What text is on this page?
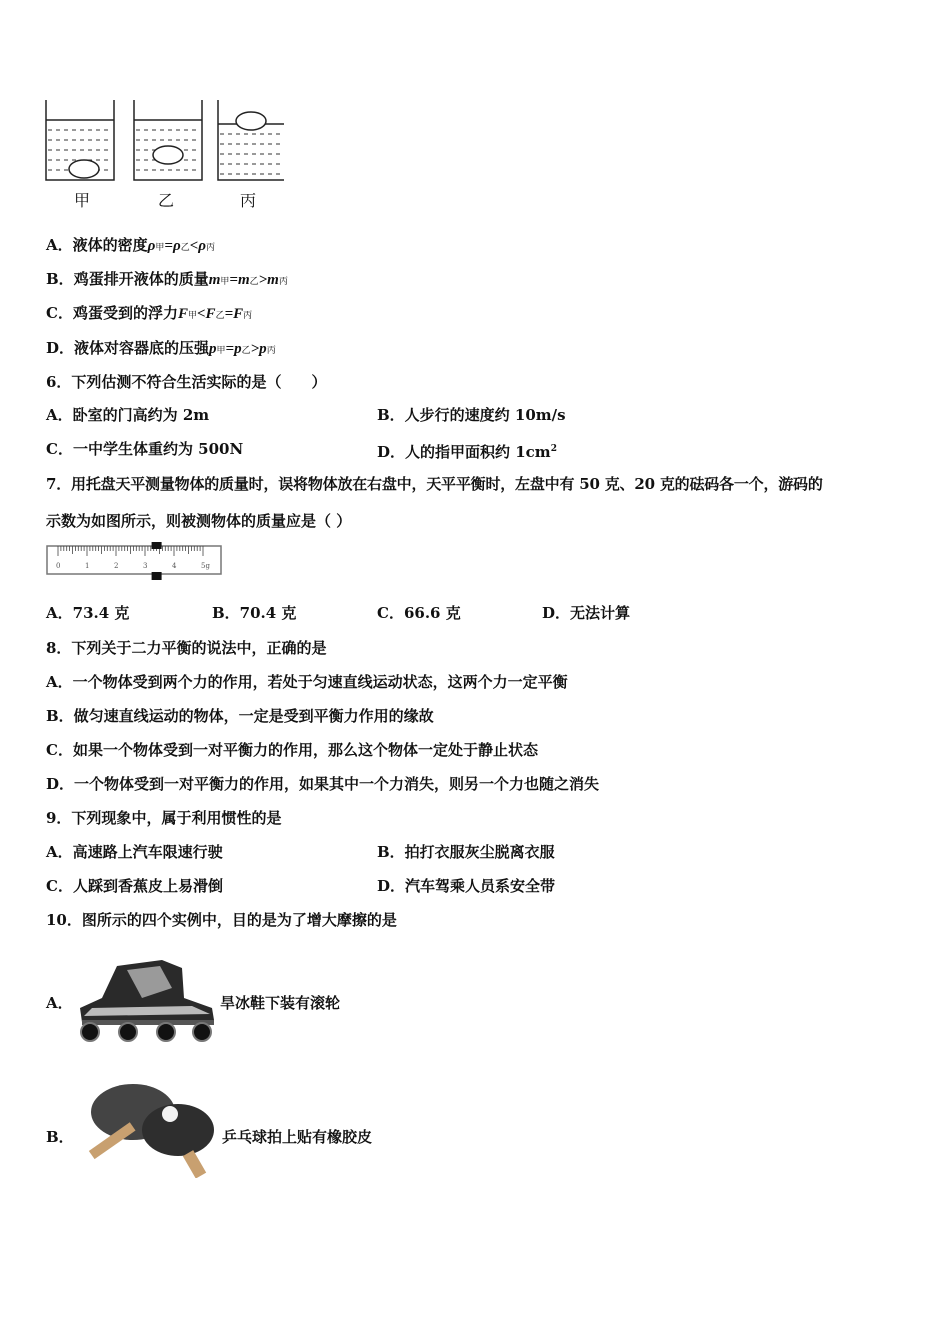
甲	乙	丙
A．液体的密度ρ甲=ρ乙<ρ丙
B．鸡蛋排开液体的质量m甲=m乙>m丙
C．鸡蛋受到的浮力F甲<F乙=F丙
D．液体对容器底的压强p甲=p乙>p丙
6．下列估测不符合生活实际的是（　　）
A．卧室的门高约为 2m	B．人步行的速度约 10m/s
C．一中学生体重约为 500N	D．人的指甲面积约 $1cm^2$
7．用托盘天平测量物体的质量时，误将物体放在右盘中，天平平衡时，左盘中有 50 克、20 克的砝码各一个，游码的
示数为如图所示，则被测物体的质量应是（ ）
0	1	2	3	4	5g
A．73.4 克	B．70.4 克	C．66.6 克	D．无法计算
8．下列关于二力平衡的说法中，正确的是
A．一个物体受到两个力的作用，若处于匀速直线运动状态，这两个力一定平衡
B．做匀速直线运动的物体，一定是受到平衡力作用的缘故
C．如果一个物体受到一对平衡力的作用，那么这个物体一定处于静止状态
D．一个物体受到一对平衡力的作用，如果其中一个力消失，则另一个力也随之消失
9．下列现象中，属于利用惯性的是
A．高速路上汽车限速行驶	B．拍打衣服灰尘脱离衣服
C．人踩到香蕉皮上易滑倒	D．汽车驾乘人员系安全带
10．图所示的四个实例中，目的是为了增大摩擦的是
A．	旱冰鞋下装有滚轮
B．	乒乓球拍上贴有橡胶皮
